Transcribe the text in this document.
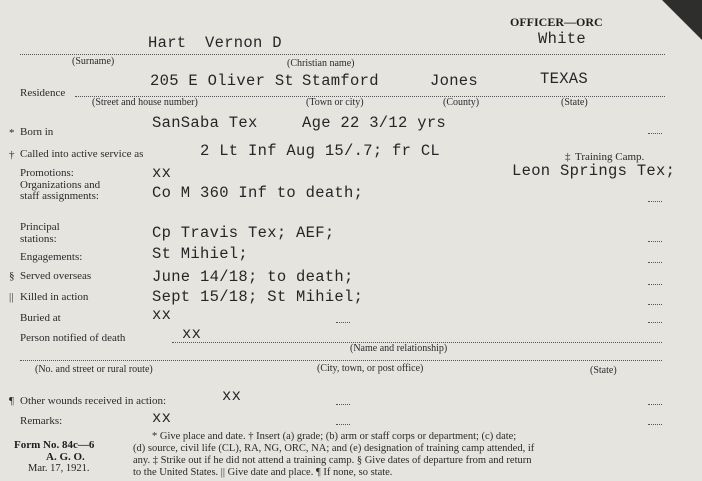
OFFICER—ORC
White
Hart Vernon D
(Surname)	(Christian name)
Residence
205 E Oliver St Stamford	Jones	TEXAS
(Street and house number)	(Town or city)	(County)	(State)
* Born in	SanSaba Tex	Age 22 3/12 yrs
† Called into active service as	2 Lt Inf Aug 15/.7; fr CL	‡ Training Camp.
Leon Springs Tex;
Promotions:	xx
Organizations and
staff assignments:	Co M 360 Inf to death;
Principal
stations:	Cp Travis Tex; AEF;
Engagements:	St Mihiel;
§ Served overseas	June 14/18; to death;
|| Killed in action	Sept 15/18; St Mihiel;
Buried at	xx
Person notified of death	xx
(Name and relationship)
(No. and street or rural route)	(City, town, or post office)	(State)
¶ Other wounds received in action:	xx
Remarks:	xx
Form No. 84c—6
A. G. O.
Mar. 17, 1921.
* Give place and date. † Insert (a) grade; (b) arm or staff corps or department; (c) date;
(d) source, civil life (CL), RA, NG, ORC, NA; and (e) designation of training camp attended, if
any. ‡ Strike out if he did not attend a training camp. § Give dates of departure from and return
to the United States. || Give date and place. ¶ If none, so state.
